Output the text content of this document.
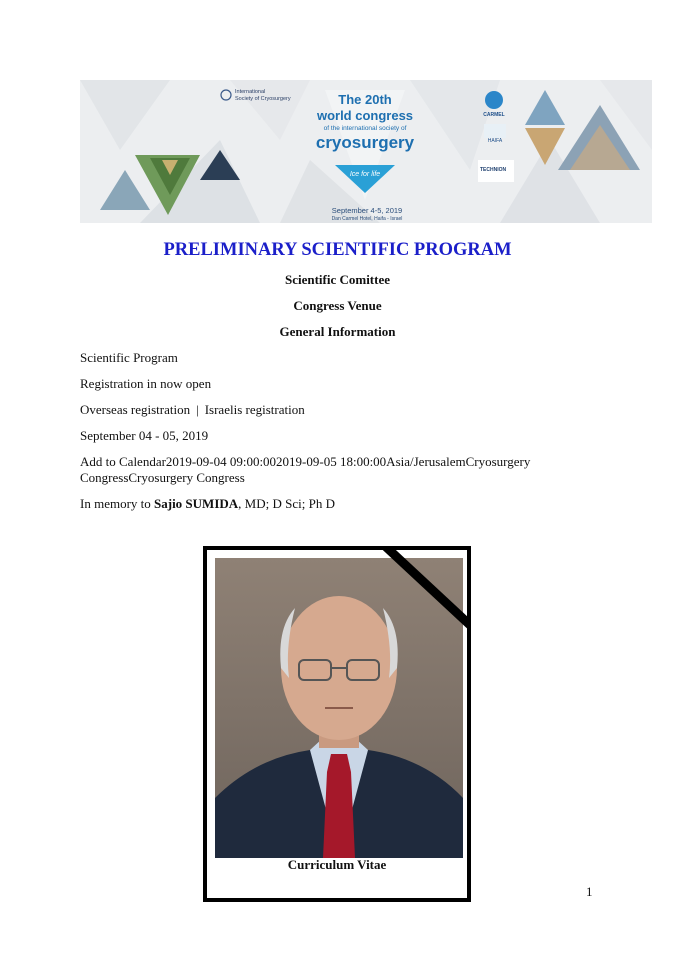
International
Society of Cryosurgery	The 20th
world congress
of the international society of
cryosurgery
Ice for life
September 4-5, 2019
Dan Carmel Hotel, Haifa - Israel
CARMEL
HAIFA
TECHNION
PRELIMINARY SCIENTIFIC PROGRAM
Scientific Comittee
Congress Venue
General Information
Scientific Program
Registration in now open
Overseas registration | Israelis registration
September 04 - 05, 2019
Add to Calendar2019-09-04 09:00:002019-09-05 18:00:00Asia/JerusalemCryosurgery
CongressCryosurgery Congress
In memory to Sajio SUMIDA, MD; D Sci; Ph D
Curriculum Vitae
1
